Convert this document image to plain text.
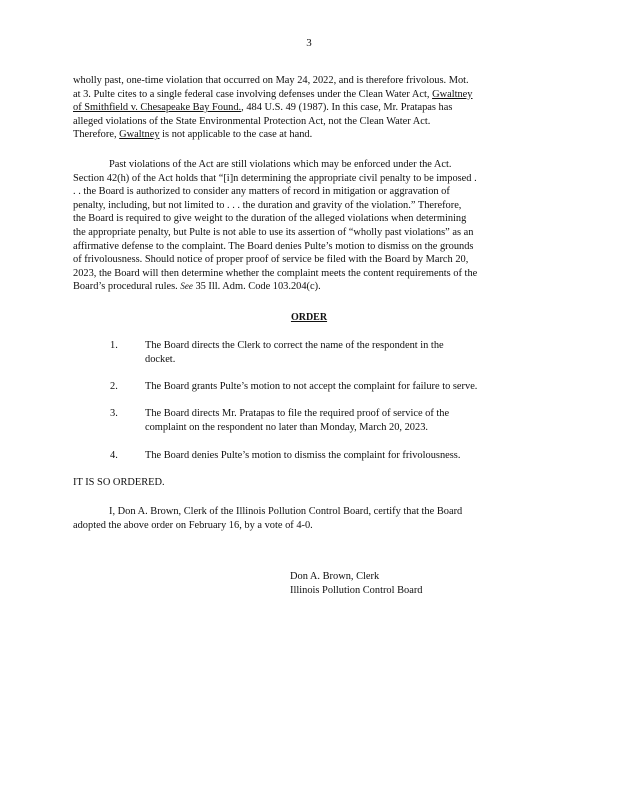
3
wholly past, one-time violation that occurred on May 24, 2022, and is therefore frivolous. Mot.
at 3. Pulte cites to a single federal case involving defenses under the Clean Water Act, Gwaltney
of Smithfield v. Chesapeake Bay Found., 484 U.S. 49 (1987). In this case, Mr. Pratapas has
alleged violations of the State Environmental Protection Act, not the Clean Water Act.
Therefore, Gwaltney is not applicable to the case at hand.
Past violations of the Act are still violations which may be enforced under the Act.
Section 42(h) of the Act holds that “[i]n determining the appropriate civil penalty to be imposed .
. . the Board is authorized to consider any matters of record in mitigation or aggravation of
penalty, including, but not limited to . . . the duration and gravity of the violation.” Therefore,
the Board is required to give weight to the duration of the alleged violations when determining
the appropriate penalty, but Pulte is not able to use its assertion of “wholly past violations” as an
affirmative defense to the complaint. The Board denies Pulte’s motion to dismiss on the grounds
of frivolousness. Should notice of proper proof of service be filed with the Board by March 20,
2023, the Board will then determine whether the complaint meets the content requirements of the
Board’s procedural rules. See 35 Ill. Adm. Code 103.204(c).
ORDER
1.	The Board directs the Clerk to correct the name of the respondent in the
docket.
2.	The Board grants Pulte’s motion to not accept the complaint for failure to serve.
3.	The Board directs Mr. Pratapas to file the required proof of service of the
complaint on the respondent no later than Monday, March 20, 2023.
4.	The Board denies Pulte’s motion to dismiss the complaint for frivolousness.
IT IS SO ORDERED.
I, Don A. Brown, Clerk of the Illinois Pollution Control Board, certify that the Board
adopted the above order on February 16, by a vote of 4-0.
Don A. Brown, Clerk
Illinois Pollution Control Board
